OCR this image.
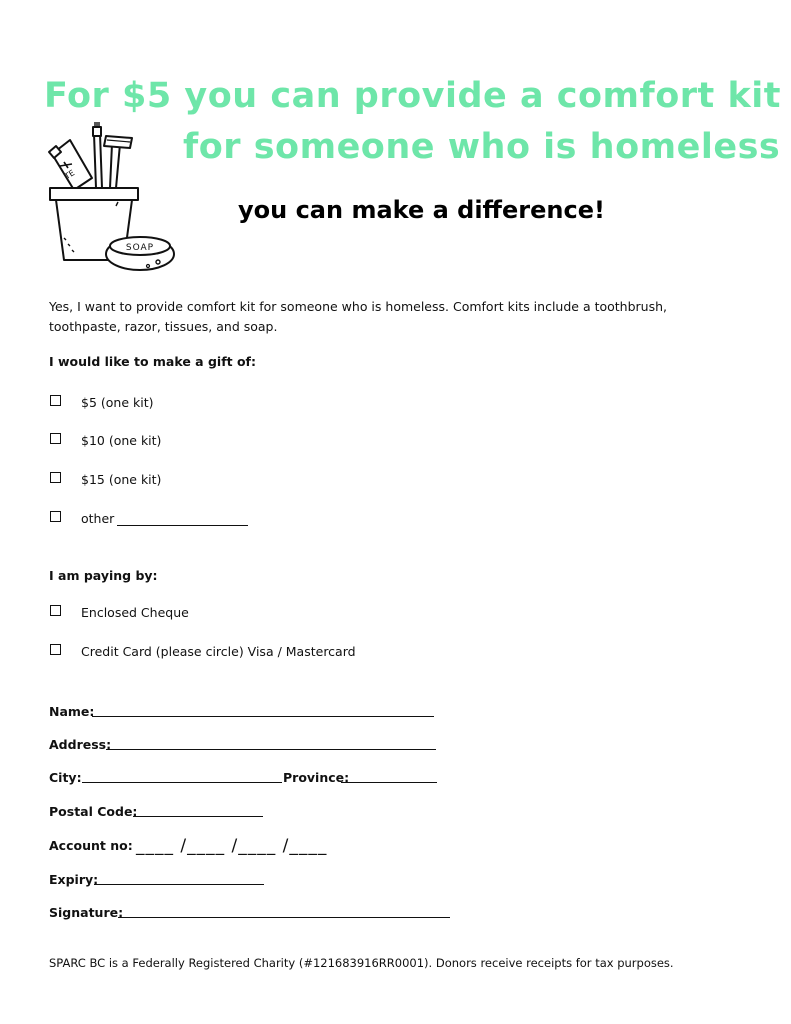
For $5 you can provide a comfort kit
for someone who is homeless
you can make a difference!
TE
SOAP
Yes, I want to provide comfort kit for someone who is homeless. Comfort kits include a toothbrush, toothpaste, razor, tissues, and soap.
I would like to make a gift of:
$5 (one kit)
$10 (one kit)
$15 (one kit)
other
I am paying by:
Enclosed Cheque
Credit Card (please circle) Visa / Mastercard
Name:
Address:
City:	Province:
Postal Code:
Account no: ____ /____ /____ /____
Expiry:
Signature:
SPARC BC is a Federally Registered Charity (#121683916RR0001). Donors receive receipts for tax purposes.
